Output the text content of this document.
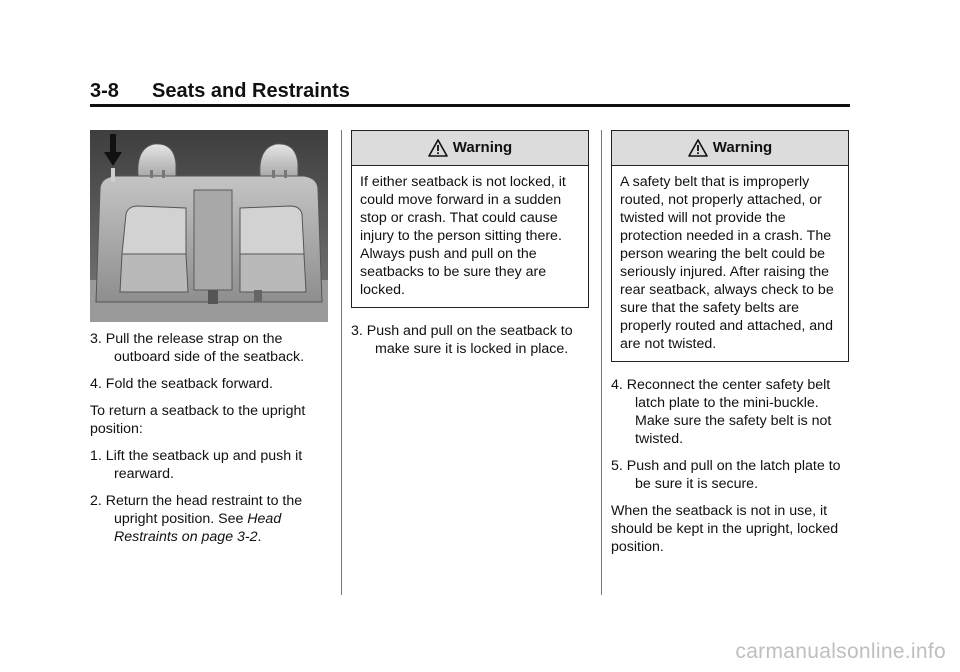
3-8 Seats and Restraints

3. Pull the release strap on the outboard side of the seatback.

4. Fold the seatback forward.

To return a seatback to the upright position:

1. Lift the seatback up and push it rearward.

2. Return the head restraint to the upright position. See Head Restraints on page 3-2.

Warning

If either seatback is not locked, it could move forward in a sudden stop or crash. That could cause injury to the person sitting there. Always push and pull on the seatbacks to be sure they are locked.

3. Push and pull on the seatback to make sure it is locked in place.

Warning

A safety belt that is improperly routed, not properly attached, or twisted will not provide the protection needed in a crash. The person wearing the belt could be seriously injured. After raising the rear seatback, always check to be sure that the safety belts are properly routed and attached, and are not twisted.

4. Reconnect the center safety belt latch plate to the mini-buckle. Make sure the safety belt is not twisted.

5. Push and pull on the latch plate to be sure it is secure.

When the seatback is not in use, it should be kept in the upright, locked position.

carmanualsonline.info
